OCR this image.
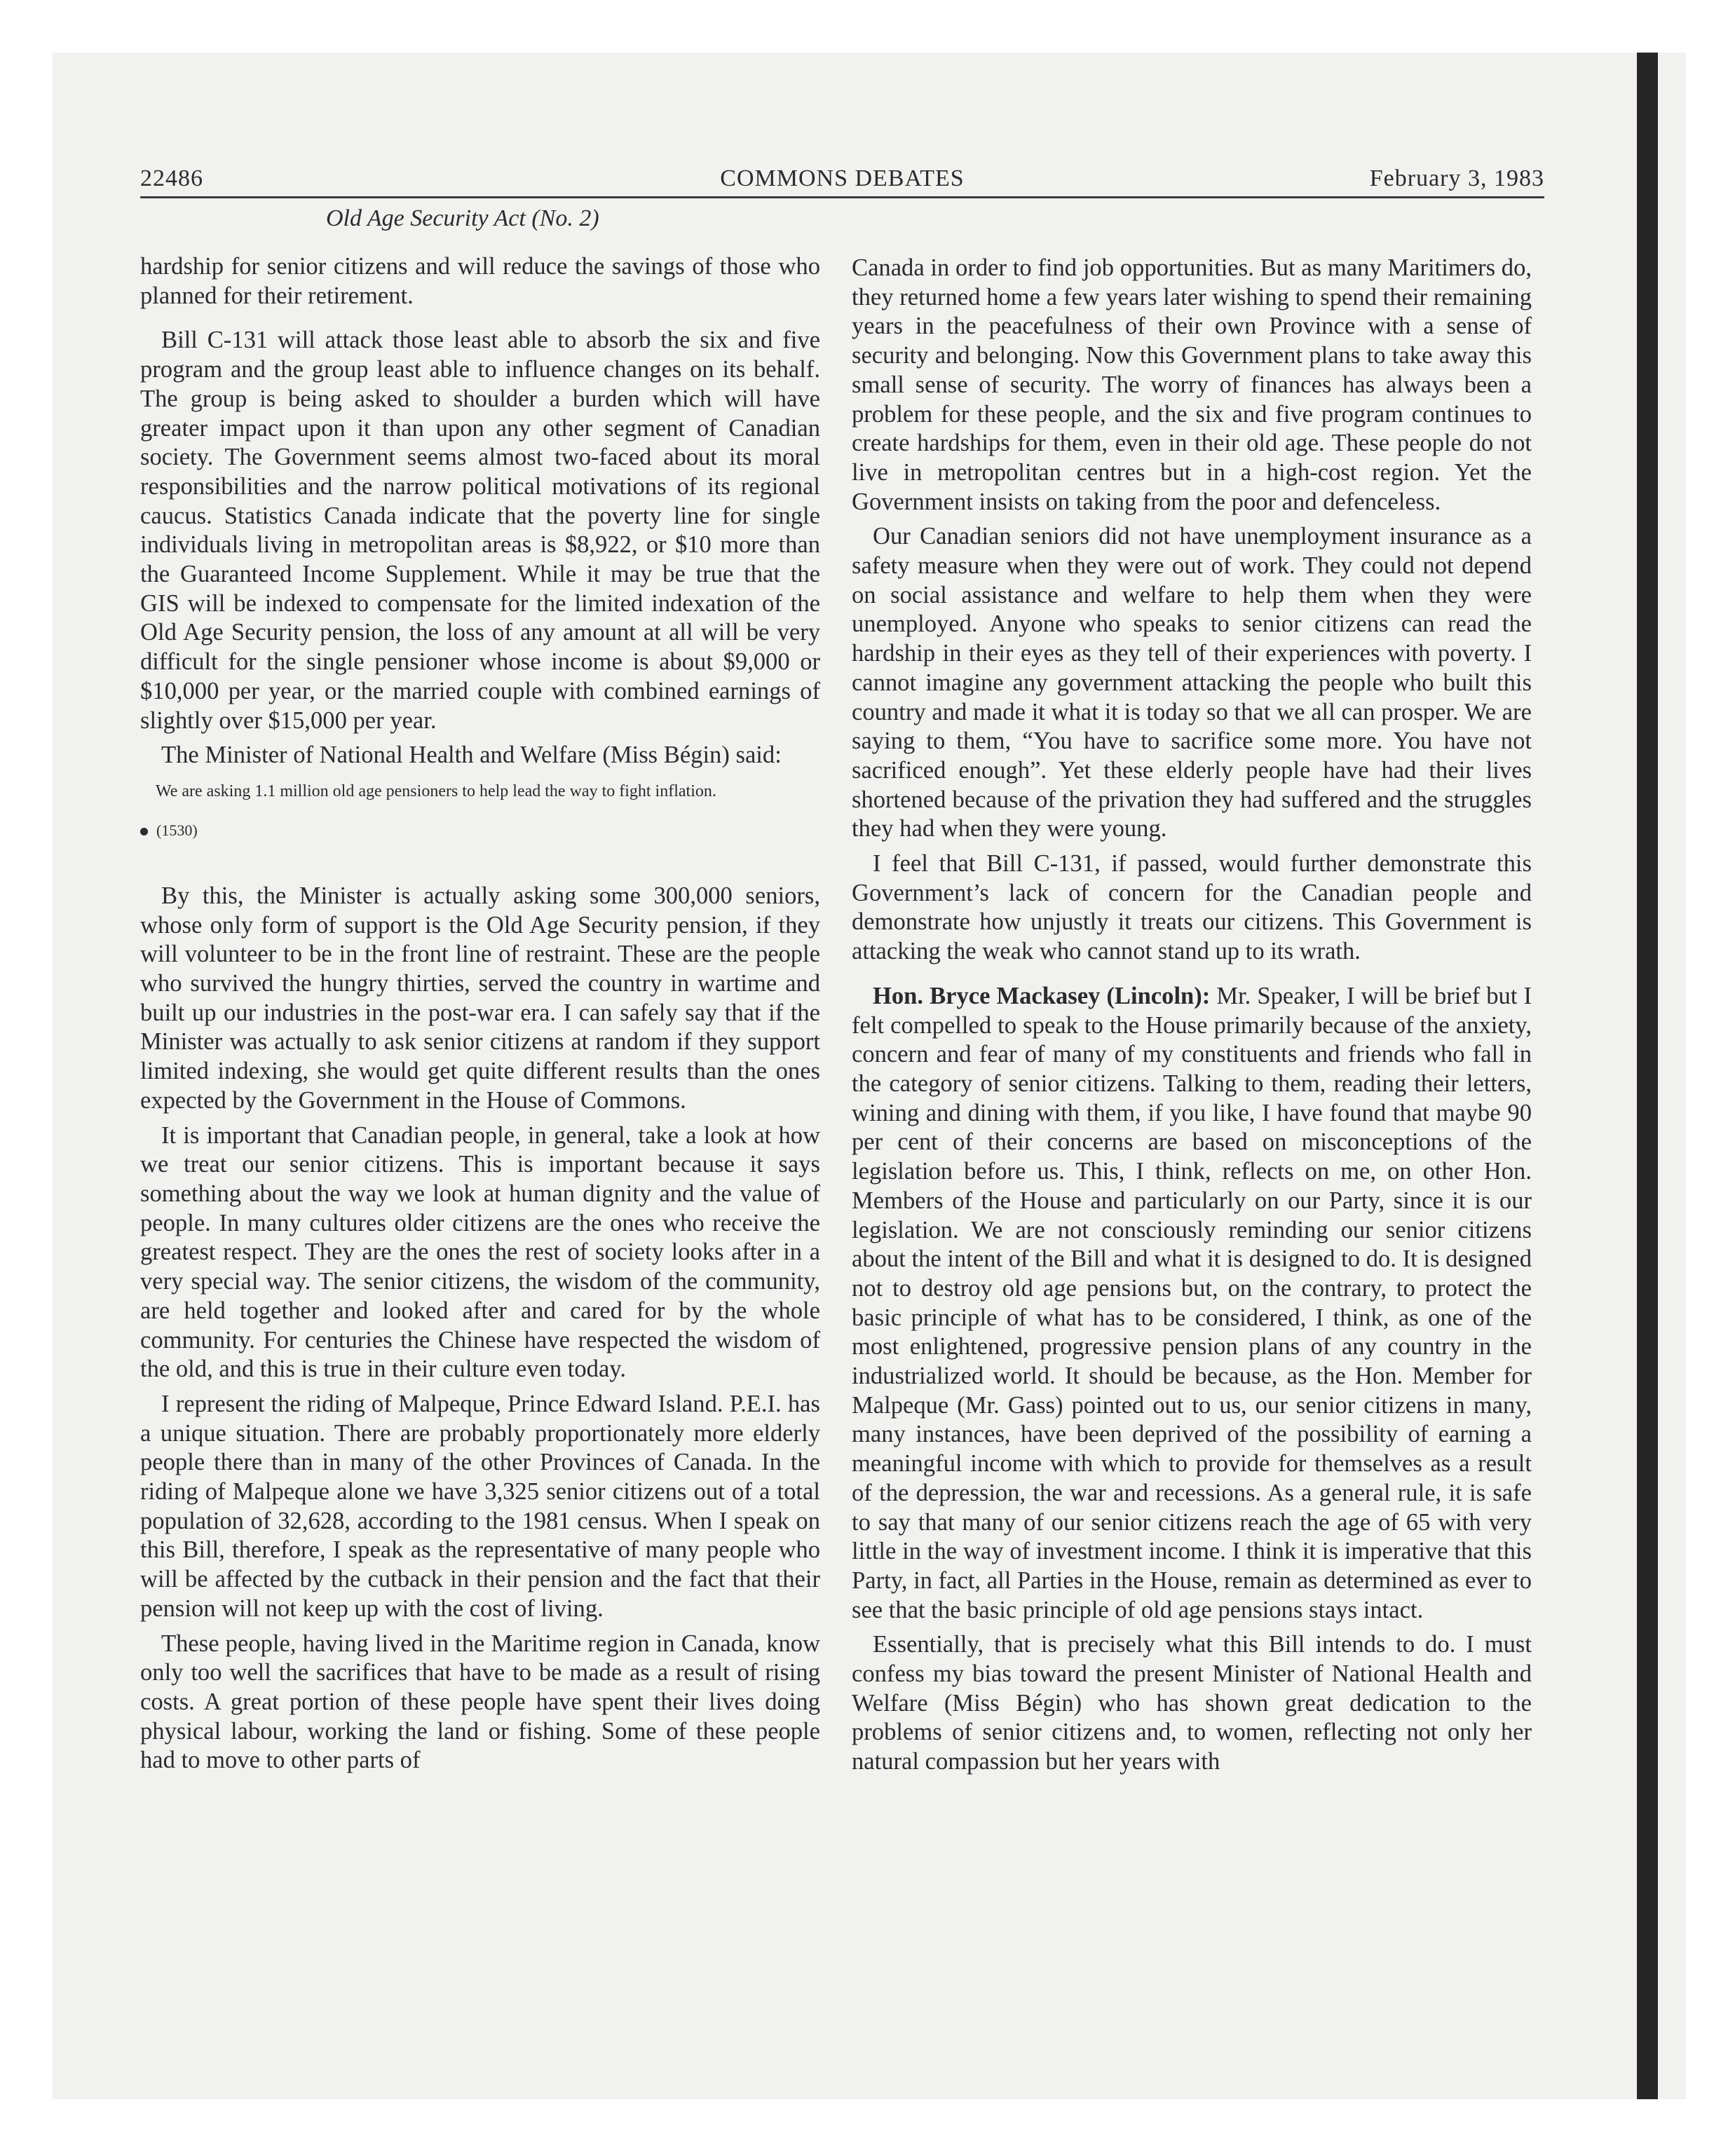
22486	COMMONS DEBATES	February 3, 1983
Old Age Security Act (No. 2)

hardship for senior citizens and will reduce the savings of those who planned for their retirement.

Bill C-131 will attack those least able to absorb the six and five program and the group least able to influence changes on its behalf. The group is being asked to shoulder a burden which will have greater impact upon it than upon any other segment of Canadian society. The Government seems almost two-faced about its moral responsibilities and the narrow political motivations of its regional caucus. Statistics Canada indicate that the poverty line for single individuals living in metropolitan areas is $8,922, or $10 more than the Guaranteed Income Supplement. While it may be true that the GIS will be indexed to compensate for the limited indexation of the Old Age Security pension, the loss of any amount at all will be very difficult for the single pensioner whose income is about $9,000 or $10,000 per year, or the married couple with combined earnings of slightly over $15,000 per year.

The Minister of National Health and Welfare (Miss Bégin) said:

We are asking 1.1 million old age pensioners to help lead the way to fight inflation.

(1530)

By this, the Minister is actually asking some 300,000 seniors, whose only form of support is the Old Age Security pension, if they will volunteer to be in the front line of restraint. These are the people who survived the hungry thirties, served the country in wartime and built up our industries in the post-war era. I can safely say that if the Minister was actually to ask senior citizens at random if they support limited indexing, she would get quite different results than the ones expected by the Government in the House of Commons.

It is important that Canadian people, in general, take a look at how we treat our senior citizens. This is important because it says something about the way we look at human dignity and the value of people. In many cultures older citizens are the ones who receive the greatest respect. They are the ones the rest of society looks after in a very special way. The senior citizens, the wisdom of the community, are held together and looked after and cared for by the whole community. For centuries the Chinese have respected the wisdom of the old, and this is true in their culture even today.

I represent the riding of Malpeque, Prince Edward Island. P.E.I. has a unique situation. There are probably proportionately more elderly people there than in many of the other Provinces of Canada. In the riding of Malpeque alone we have 3,325 senior citizens out of a total population of 32,628, according to the 1981 census. When I speak on this Bill, therefore, I speak as the representative of many people who will be affected by the cutback in their pension and the fact that their pension will not keep up with the cost of living.

These people, having lived in the Maritime region in Canada, know only too well the sacrifices that have to be made as a result of rising costs. A great portion of these people have spent their lives doing physical labour, working the land or fishing. Some of these people had to move to other parts of

Canada in order to find job opportunities. But as many Maritimers do, they returned home a few years later wishing to spend their remaining years in the peacefulness of their own Province with a sense of security and belonging. Now this Government plans to take away this small sense of security. The worry of finances has always been a problem for these people, and the six and five program continues to create hardships for them, even in their old age. These people do not live in metropolitan centres but in a high-cost region. Yet the Government insists on taking from the poor and defenceless.

Our Canadian seniors did not have unemployment insurance as a safety measure when they were out of work. They could not depend on social assistance and welfare to help them when they were unemployed. Anyone who speaks to senior citizens can read the hardship in their eyes as they tell of their experiences with poverty. I cannot imagine any government attacking the people who built this country and made it what it is today so that we all can prosper. We are saying to them, “You have to sacrifice some more. You have not sacrificed enough”. Yet these elderly people have had their lives shortened because of the privation they had suffered and the struggles they had when they were young.

I feel that Bill C-131, if passed, would further demonstrate this Government’s lack of concern for the Canadian people and demonstrate how unjustly it treats our citizens. This Government is attacking the weak who cannot stand up to its wrath.

Hon. Bryce Mackasey (Lincoln): Mr. Speaker, I will be brief but I felt compelled to speak to the House primarily because of the anxiety, concern and fear of many of my constituents and friends who fall in the category of senior citizens. Talking to them, reading their letters, wining and dining with them, if you like, I have found that maybe 90 per cent of their concerns are based on misconceptions of the legislation before us. This, I think, reflects on me, on other Hon. Members of the House and particularly on our Party, since it is our legislation. We are not consciously reminding our senior citizens about the intent of the Bill and what it is designed to do. It is designed not to destroy old age pensions but, on the contrary, to protect the basic principle of what has to be considered, I think, as one of the most enlightened, progressive pension plans of any country in the industrialized world. It should be because, as the Hon. Member for Malpeque (Mr. Gass) pointed out to us, our senior citizens in many, many instances, have been deprived of the possibility of earning a meaningful income with which to provide for themselves as a result of the depression, the war and recessions. As a general rule, it is safe to say that many of our senior citizens reach the age of 65 with very little in the way of investment income. I think it is imperative that this Party, in fact, all Parties in the House, remain as determined as ever to see that the basic principle of old age pensions stays intact.

Essentially, that is precisely what this Bill intends to do. I must confess my bias toward the present Minister of National Health and Welfare (Miss Bégin) who has shown great dedication to the problems of senior citizens and, to women, reflecting not only her natural compassion but her years with
